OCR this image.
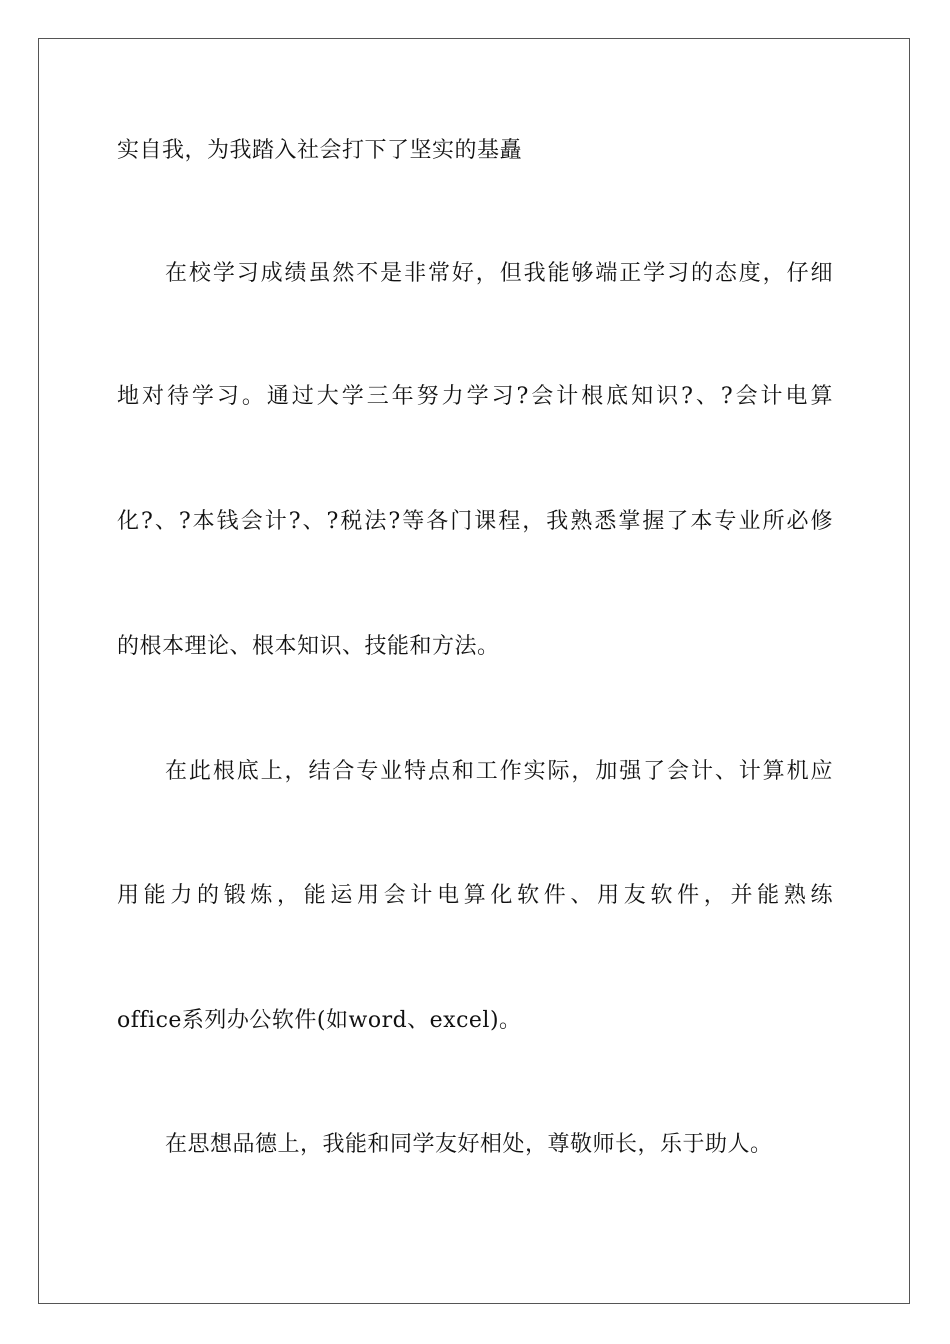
实自我，为我踏入社会打下了坚实的基矗
在校学习成绩虽然不是非常好，但我能够端正学习的态度，仔细
地对待学习。通过大学三年努力学习?会计根底知识?、?会计电算
化?、?本钱会计?、?税法?等各门课程，我熟悉掌握了本专业所必修
的根本理论、根本知识、技能和方法。
在此根底上，结合专业特点和工作实际，加强了会计、计算机应
用能力的锻炼，能运用会计电算化软件、用友软件，并能熟练
office系列办公软件(如word、excel)。
在思想品德上，我能和同学友好相处，尊敬师长，乐于助人。
